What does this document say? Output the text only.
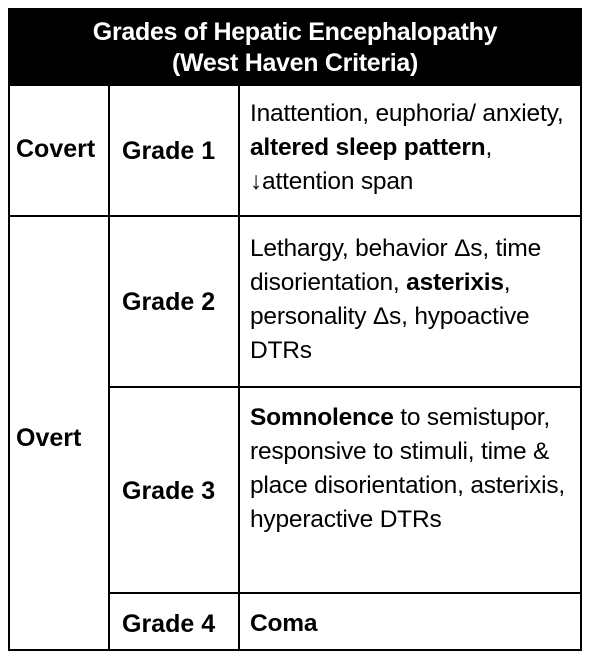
Grades of Hepatic Encephalopathy
(West Haven Criteria)
Covert
Overt
Grade 1
Grade 2
Grade 3
Grade 4
Inattention, euphoria/ anxiety, altered sleep pattern, ↓attention span
Lethargy, behavior Δs, time disorientation, asterixis, personality Δs, hypoactive DTRs
Somnolence to semistupor, responsive to stimuli, time & place disorientation, asterixis, hyperactive DTRs
Coma
